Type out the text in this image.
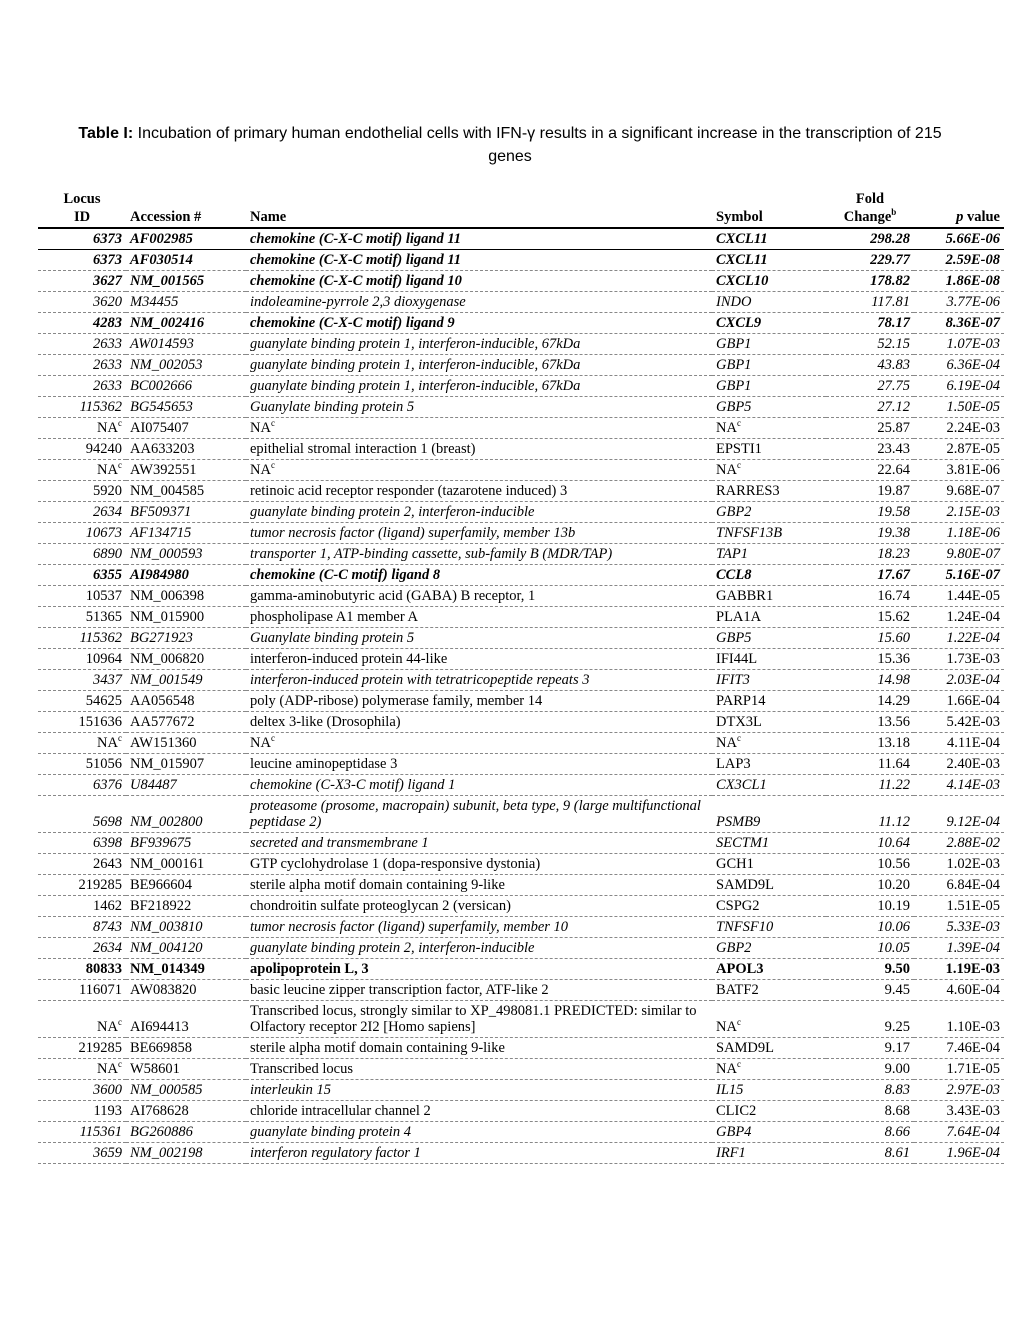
Table I: Incubation of primary human endothelial cells with IFN-γ results in a significant increase in the transcription of 215 genes
Locus
ID	Accession #	Name	Symbol	Fold
Change$^b$	p value
6373	AF002985	chemokine (C-X-C motif) ligand 11	CXCL11	298.28	5.66E-06
6373	AF030514	chemokine (C-X-C motif) ligand 11	CXCL11	229.77	2.59E-08
3627	NM_001565	chemokine (C-X-C motif) ligand 10	CXCL10	178.82	1.86E-08
3620	M34455	indoleamine-pyrrole 2,3 dioxygenase	INDO	117.81	3.77E-06
4283	NM_002416	chemokine (C-X-C motif) ligand 9	CXCL9	78.17	8.36E-07
2633	AW014593	guanylate binding protein 1, interferon-inducible, 67kDa	GBP1	52.15	1.07E-03
2633	NM_002053	guanylate binding protein 1, interferon-inducible, 67kDa	GBP1	43.83	6.36E-04
2633	BC002666	guanylate binding protein 1, interferon-inducible, 67kDa	GBP1	27.75	6.19E-04
115362	BG545653	Guanylate binding protein 5	GBP5	27.12	1.50E-05
$NA^c$	AI075407	$NA^c$	$NA^c$	25.87	2.24E-03
94240	AA633203	epithelial stromal interaction 1 (breast)	EPSTI1	23.43	2.87E-05
$NA^c$	AW392551	$NA^c$	$NA^c$	22.64	3.81E-06
5920	NM_004585	retinoic acid receptor responder (tazarotene induced) 3	RARRES3	19.87	9.68E-07
2634	BF509371	guanylate binding protein 2, interferon-inducible	GBP2	19.58	2.15E-03
10673	AF134715	tumor necrosis factor (ligand) superfamily, member 13b	TNFSF13B	19.38	1.18E-06
6890	NM_000593	transporter 1, ATP-binding cassette, sub-family B (MDR/TAP)	TAP1	18.23	9.80E-07
6355	AI984980	chemokine (C-C motif) ligand 8	CCL8	17.67	5.16E-07
10537	NM_006398	gamma-aminobutyric acid (GABA) B receptor, 1	GABBR1	16.74	1.44E-05
51365	NM_015900	phospholipase A1 member A	PLA1A	15.62	1.24E-04
115362	BG271923	Guanylate binding protein 5	GBP5	15.60	1.22E-04
10964	NM_006820	interferon-induced protein 44-like	IFI44L	15.36	1.73E-03
3437	NM_001549	interferon-induced protein with tetratricopeptide repeats 3	IFIT3	14.98	2.03E-04
54625	AA056548	poly (ADP-ribose) polymerase family, member 14	PARP14	14.29	1.66E-04
151636	AA577672	deltex 3-like (Drosophila)	DTX3L	13.56	5.42E-03
$NA^c$	AW151360	$NA^c$	$NA^c$	13.18	4.11E-04
51056	NM_015907	leucine aminopeptidase 3	LAP3	11.64	2.40E-03
6376	U84487	chemokine (C-X3-C motif) ligand 1	CX3CL1	11.22	4.14E-03
5698	NM_002800	proteasome (prosome, macropain) subunit, beta type, 9 (large multifunctional peptidase 2)	PSMB9	11.12	9.12E-04
6398	BF939675	secreted and transmembrane 1	SECTM1	10.64	2.88E-02
2643	NM_000161	GTP cyclohydrolase 1 (dopa-responsive dystonia)	GCH1	10.56	1.02E-03
219285	BE966604	sterile alpha motif domain containing 9-like	SAMD9L	10.20	6.84E-04
1462	BF218922	chondroitin sulfate proteoglycan 2 (versican)	CSPG2	10.19	1.51E-05
8743	NM_003810	tumor necrosis factor (ligand) superfamily, member 10	TNFSF10	10.06	5.33E-03
2634	NM_004120	guanylate binding protein 2, interferon-inducible	GBP2	10.05	1.39E-04
80833	NM_014349	apolipoprotein L, 3	APOL3	9.50	1.19E-03
116071	AW083820	basic leucine zipper transcription factor, ATF-like 2	BATF2	9.45	4.60E-04
$NA^c$	AI694413	Transcribed locus, strongly similar to XP_498081.1 PREDICTED: similar to Olfactory receptor 2I2 [Homo sapiens]	$NA^c$	9.25	1.10E-03
219285	BE669858	sterile alpha motif domain containing 9-like	SAMD9L	9.17	7.46E-04
$NA^c$	W58601	Transcribed locus	$NA^c$	9.00	1.71E-05
3600	NM_000585	interleukin 15	IL15	8.83	2.97E-03
1193	AI768628	chloride intracellular channel 2	CLIC2	8.68	3.43E-03
115361	BG260886	guanylate binding protein 4	GBP4	8.66	7.64E-04
3659	NM_002198	interferon regulatory factor 1	IRF1	8.61	1.96E-04
